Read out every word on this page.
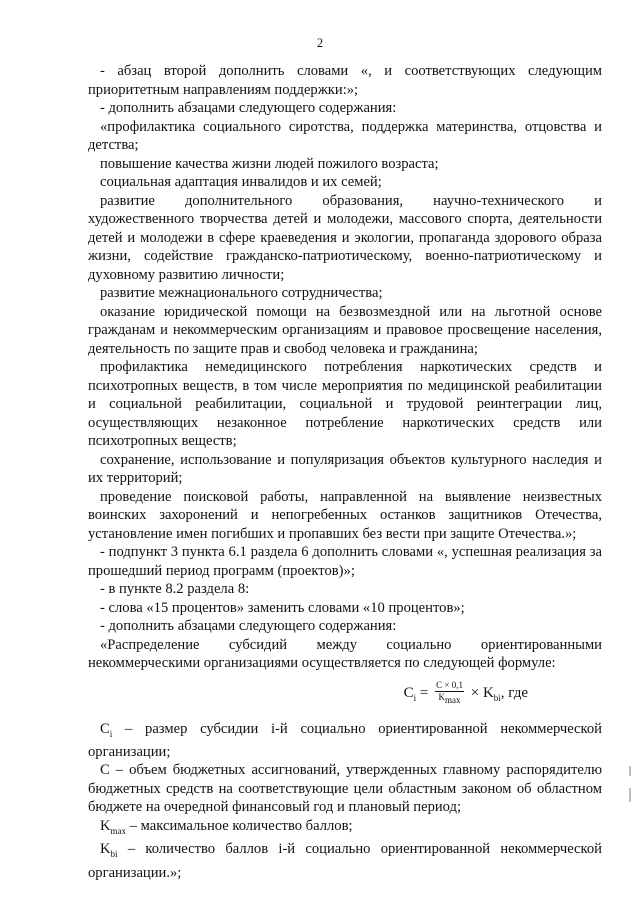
2

- абзац второй дополнить словами «, и соответствующих следующим приоритетным направлениям поддержки:»;

- дополнить абзацами следующего содержания:

«профилактика социального сиротства, поддержка материнства, отцовства и детства;

повышение качества жизни людей пожилого возраста;

социальная адаптация инвалидов и их семей;

развитие дополнительного образования, научно-технического и художественного творчества детей и молодежи, массового спорта, деятельности детей и молодежи в сфере краеведения и экологии, пропаганда здорового образа жизни, содействие гражданско-патриотическому, военно-патриотическому и духовному развитию личности;

развитие межнационального сотрудничества;

оказание юридической помощи на безвозмездной или на льготной основе гражданам и некоммерческим организациям и правовое просвещение населения, деятельность по защите прав и свобод человека и гражданина;

профилактика немедицинского потребления наркотических средств и психотропных веществ, в том числе мероприятия по медицинской реабилитации и социальной реабилитации, социальной и трудовой реинтеграции лиц, осуществляющих незаконное потребление наркотических средств или психотропных веществ;

сохранение, использование и популяризация объектов культурного наследия и их территорий;

проведение поисковой работы, направленной на выявление неизвестных воинских захоронений и непогребенных останков защитников Отечества, установление имен погибших и пропавших без вести при защите Отечества.»;

- подпункт 3 пункта 6.1 раздела 6 дополнить словами «, успешная реализация за прошедший период программ (проектов)»;

- в пункте 8.2 раздела 8:

- слова «15 процентов» заменить словами «10 процентов»;

- дополнить абзацами следующего содержания:

«Распределение субсидий между социально ориентированными некоммерческими организациями осуществляется по следующей формуле:

$C_i = \frac{C \times 0,1}{K_{max}} \times K_{bi}$, где

$C_i$ – размер субсидии i-й социально ориентированной некоммерческой организации;

С – объем бюджетных ассигнований, утвержденных главному распорядителю бюджетных средств на соответствующие цели областным законом об областном бюджете на очередной финансовый год и плановый период;

$K_{max}$ – максимальное количество баллов;

$K_{bi}$ – количество баллов i-й социально ориентированной некоммерческой организации.»;
